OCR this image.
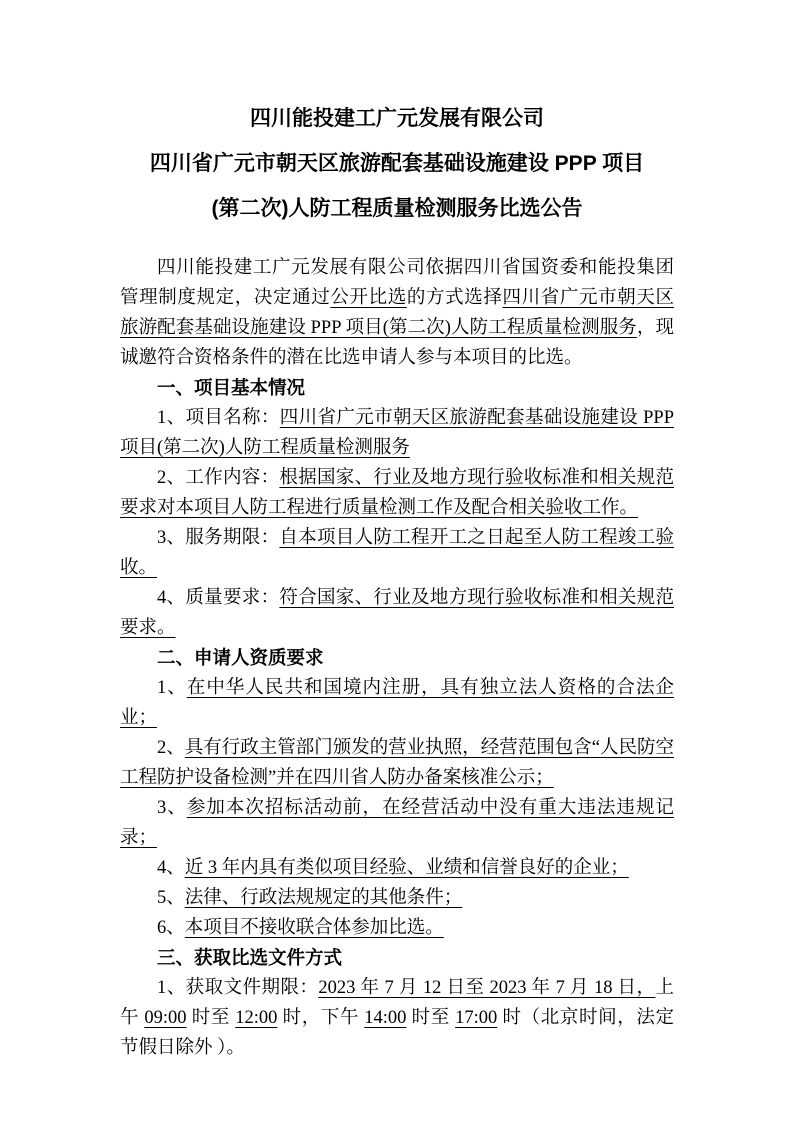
四川能投建工广元发展有限公司
四川省广元市朝天区旅游配套基础设施建设 PPP 项目
(第二次)人防工程质量检测服务比选公告

四川能投建工广元发展有限公司依据四川省国资委和能投集团管理制度规定，决定通过公开比选的方式选择四川省广元市朝天区旅游配套基础设施建设 PPP 项目(第二次)人防工程质量检测服务，现诚邀符合资格条件的潜在比选申请人参与本项目的比选。

一、项目基本情况

1、项目名称：四川省广元市朝天区旅游配套基础设施建设 PPP 项目(第二次)人防工程质量检测服务

2、工作内容：根据国家、行业及地方现行验收标准和相关规范要求对本项目人防工程进行质量检测工作及配合相关验收工作。

3、服务期限：自本项目人防工程开工之日起至人防工程竣工验收。

4、质量要求：符合国家、行业及地方现行验收标准和相关规范要求。

二、申请人资质要求

1、在中华人民共和国境内注册，具有独立法人资格的合法企业；

2、具有行政主管部门颁发的营业执照，经营范围包含“人民防空工程防护设备检测”并在四川省人防办备案核准公示；

3、参加本次招标活动前，在经营活动中没有重大违法违规记录；

4、近 3 年内具有类似项目经验、业绩和信誉良好的企业；

5、法律、行政法规规定的其他条件；

6、本项目不接收联合体参加比选。

三、获取比选文件方式

1、获取文件期限：2023 年 7 月 12 日至 2023 年 7 月 18 日，上午 09:00 时至 12:00 时，下午 14:00 时至 17:00 时（北京时间，法定节假日除外 ）。
